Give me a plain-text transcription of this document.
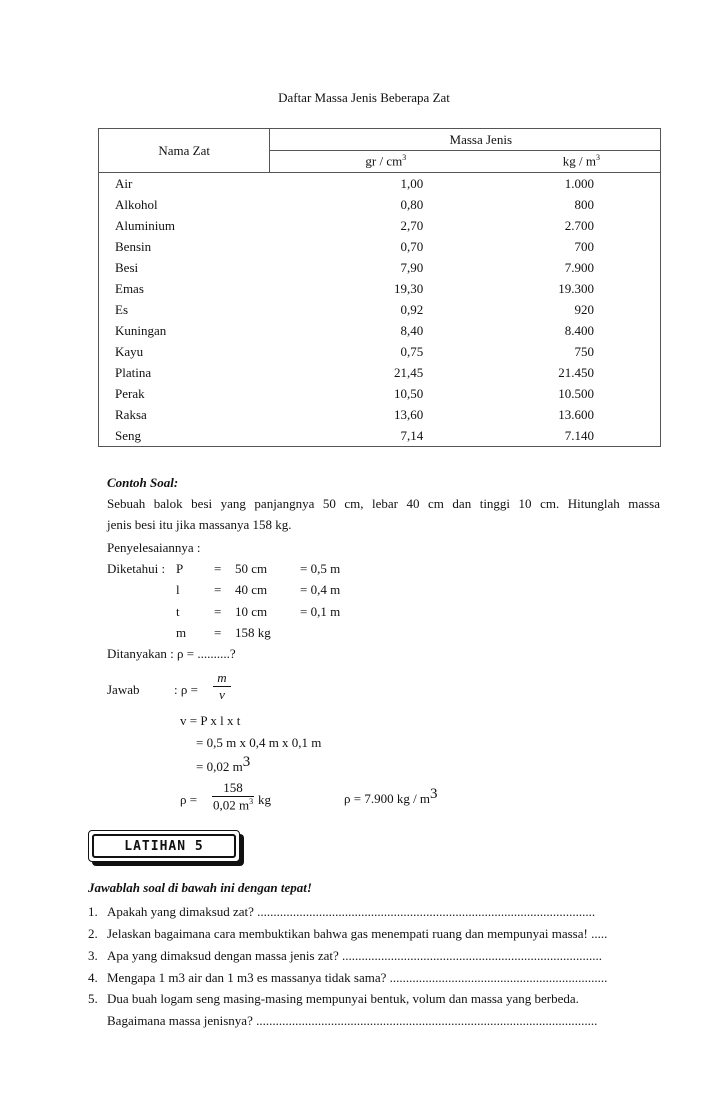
Daftar Massa Jenis Beberapa Zat
Nama Zat	Massa Jenis	
	gr / $cm^3$	kg / $m^3$
Air	1,00	1.000
Alkohol	0,80	800
Aluminium	2,70	2.700
Bensin	0,70	700
Besi	7,90	7.900
Emas	19,30	19.300
Es	0,92	920
Kuningan	8,40	8.400
Kayu	0,75	750
Platina	21,45	21.450
Perak	10,50	10.500
Raksa	13,60	13.600
Seng	7,14	7.140
Contoh Soal:
Sebuah balok besi yang panjangnya 50 cm, lebar 40 cm dan tinggi 10 cm. Hitunglah massa
jenis besi itu jika massanya 158 kg.
Penyelesaiannya :
Diketahui : P = 50 cm	= 0,5 m
l	= 40 cm	= 0,4 m
t	= 10 cm	= 0,1 m
m = 158 kg
Ditanyakan : ρ = ..........?
Jawab	: $\rho = \frac{m}{v}$
v = P x l x t
= 0,5 m x 0,4 m x 0,1 m
= 0,02 m3
$\rho = \frac{158}{0,02 m^3}$ kg	ρ = 7.900 kg / m3
LATIHAN 5
Jawablah soal di bawah ini dengan tepat!
1. Apakah yang dimaksud zat? ........................................................................................................
2. Jelaskan bagaimana cara membuktikan bahwa gas menempati ruang dan mempunyai massa! .....
3. Apa yang dimaksud dengan massa jenis zat? ................................................................................
4. Mengapa 1 m3 air dan 1 m3 es massanya tidak sama? ...................................................................
5. Dua buah logam seng masing-masing mempunyai bentuk, volum dan massa yang berbeda.
Bagaimana massa jenisnya? .........................................................................................................
